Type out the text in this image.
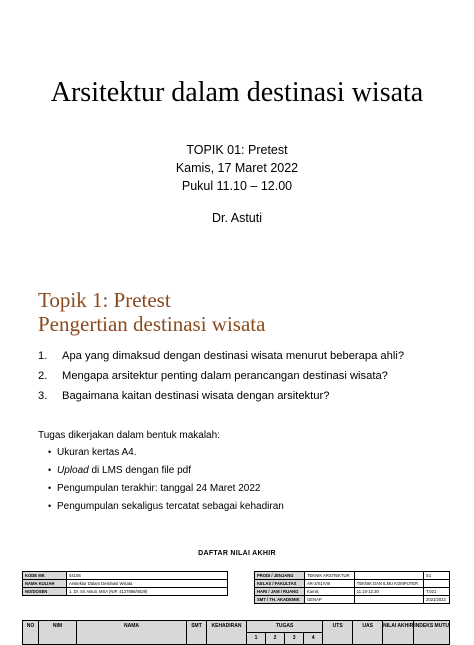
Arsitektur dalam destinasi wisata
TOPIK 01: Pretest
Kamis, 17 Maret 2022
Pukul 11.10 – 12.00
Dr. Astuti
Topik 1: Pretest
Pengertian destinasi wisata
1. Apa yang dimaksud dengan destinasi wisata menurut beberapa ahli?
2. Mengapa arsitektur penting dalam perancangan destinasi wisata?
3. Bagaimana kaitan destinasi wisata dengan arsitektur?
Tugas dikerjakan dalam bentuk makalah:
• Ukuran kertas A4.
• Upload di LMS dengan file pdf
• Pengumpulan terakhir: tanggal 24 Maret 2022
• Pengumpulan sekaligus tercatat sebagai kehadiran
DAFTAR NILAI AKHIR
KODE MK	04106
NAMA KULIAH	Arsitektur Dalam Destinasi Wisata
NO/DOSEN	1. Dr. Sri Astuti, MSA (NIP. 4127888/0639)
PRODI / JENJANG	TEKNIK ARSITEKTUR		S1
KELAS / FAKULTAS	AR-2/S1/VIII	TEKNIK DAN ILMU KOMPUTER	
HARI / JAM / RUANG	Kamis	11.10-12.30	T.021
SMT / TH. AKADEMIK	GENAP		2021/2022
NO	NIM	NAMA	SMT	KEHADIRAN	TUGAS				UTS	UAS	NILAI AKHIR	INDEKS MUTU
					1	2	3	4				
